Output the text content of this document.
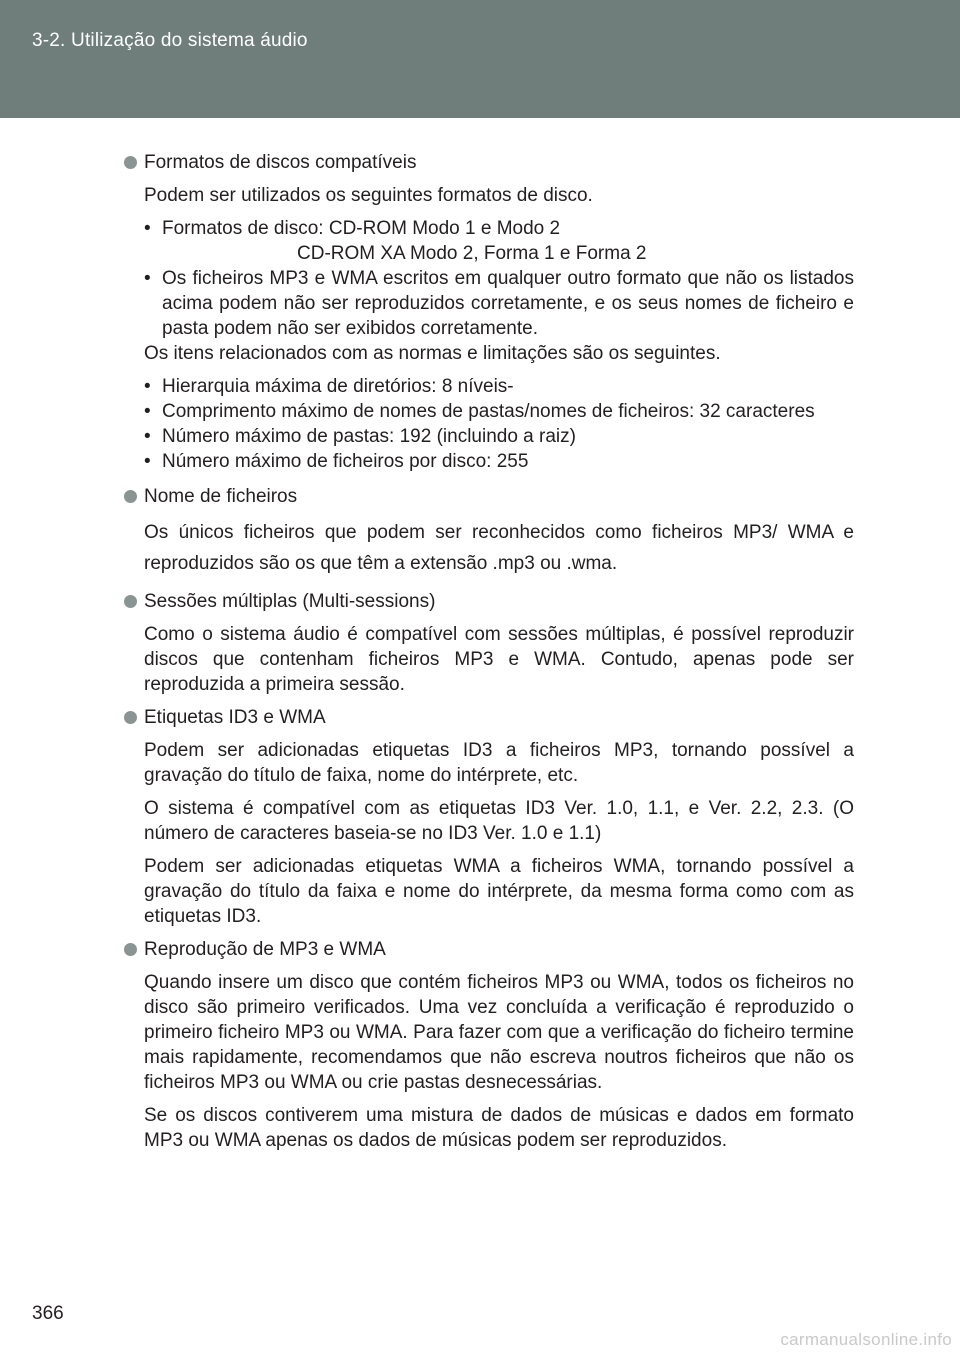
3-2. Utilização do sistema áudio
Formatos de discos compatíveis

Podem ser utilizados os seguintes formatos de disco.

• Formatos de disco: CD-ROM Modo 1 e Modo 2
CD-ROM XA Modo 2, Forma 1 e Forma 2
• Os ficheiros MP3 e WMA escritos em qualquer outro formato que não os listados acima podem não ser reproduzidos corretamente, e os seus nomes de ficheiro e pasta podem não ser exibidos corretamente.

Os itens relacionados com as normas e limitações são os seguintes.

• Hierarquia máxima de diretórios: 8 níveis-
• Comprimento máximo de nomes de pastas/nomes de ficheiros: 32 caracteres
• Número máximo de pastas: 192 (incluindo a raiz)
• Número máximo de ficheiros por disco: 255
Nome de ficheiros

Os únicos ficheiros que podem ser reconhecidos como ficheiros MP3/ WMA e reproduzidos são os que têm a extensão .mp3 ou .wma.

Sessões múltiplas (Multi-sessions)

Como o sistema áudio é compatível com sessões múltiplas, é possível reproduzir discos que contenham ficheiros MP3 e WMA. Contudo, apenas pode ser reproduzida a primeira sessão.

Etiquetas ID3 e WMA

Podem ser adicionadas etiquetas ID3 a ficheiros MP3, tornando possível a gravação do título de faixa, nome do intérprete, etc.

O sistema é compatível com as etiquetas ID3 Ver. 1.0, 1.1, e Ver. 2.2, 2.3. (O número de caracteres baseia-se no ID3 Ver. 1.0 e 1.1)

Podem ser adicionadas etiquetas WMA a ficheiros WMA, tornando possível a gravação do título da faixa e nome do intérprete, da mesma forma como com as etiquetas ID3.

Reprodução de MP3 e WMA

Quando insere um disco que contém ficheiros MP3 ou WMA, todos os ficheiros no disco são primeiro verificados. Uma vez concluída a verificação é reproduzido o primeiro ficheiro MP3 ou WMA. Para fazer com que a verificação do ficheiro termine mais rapidamente, recomendamos que não escreva noutros ficheiros que não os ficheiros MP3 ou WMA ou crie pastas desnecessárias.

Se os discos contiverem uma mistura de dados de músicas e dados em formato MP3 ou WMA apenas os dados de músicas podem ser reproduzidos.

366
carmanualsonline.info
